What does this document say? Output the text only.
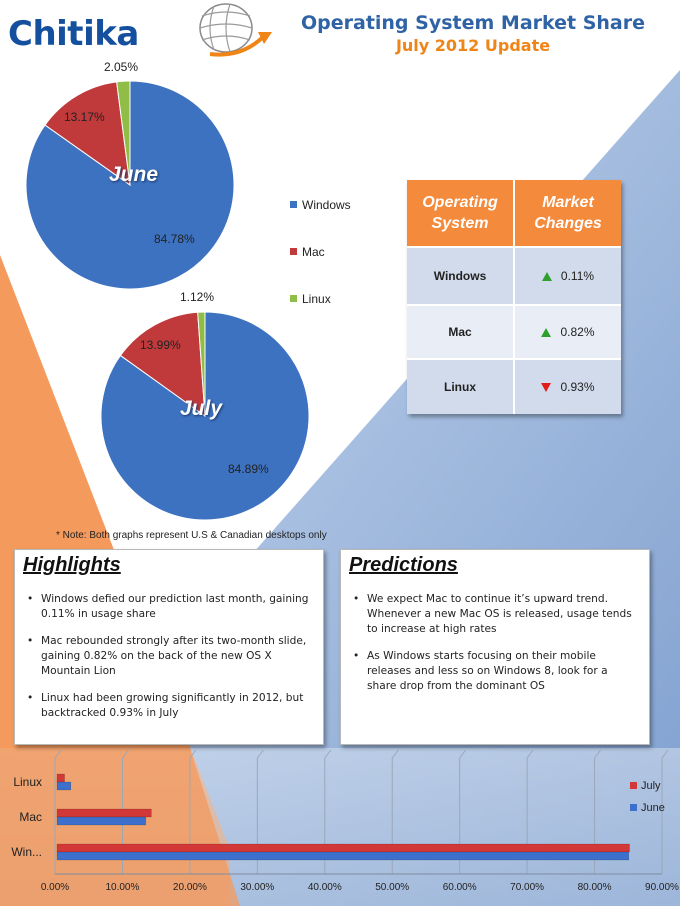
Chitika	Operating System Market Share
July 2012 Update
2.05%
13.17%
84.78%
June
1.12%
13.99%
84.89%
July
Windows
Mac
Linux
Operating System
Market Changes
Windows	0.11%
Mac	0.82%
Linux	0.93%
* Note: Both graphs represent U.S & Canadian desktops only
Highlights
• Windows defied our prediction last month, gaining 0.11% in usage share
• Mac rebounded strongly after its two-month slide, gaining 0.82% on the back of the new OS X Mountain Lion
• Linux had been growing significantly in 2012, but backtracked 0.93% in July
Predictions
• We expect Mac to continue it’s upward trend. Whenever a new Mac OS is released, usage tends to increase at high rates
• As Windows starts focusing on their mobile releases and less so on Windows 8, look for a share drop from the dominant OS
0.00%	10.00%	20.00%	30.00%	40.00%	50.00%	60.00%	70.00%	80.00%	90.00%
Win...
Mac
Linux	July
June
